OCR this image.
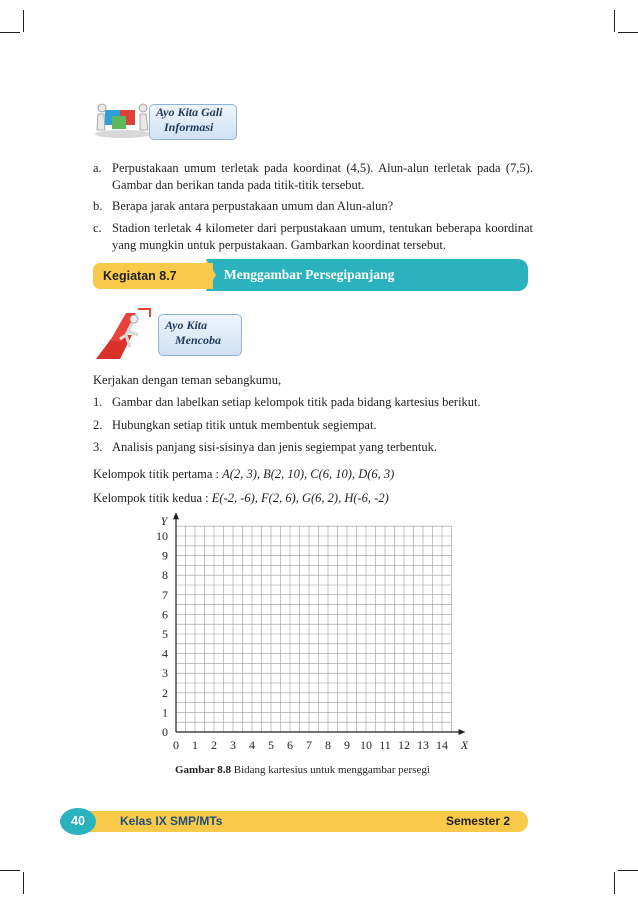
Ayo Kita Gali
Informasi
a. Perpustakaan umum terletak pada koordinat (4,5). Alun-alun terletak pada (7,5). Gambar dan berikan tanda pada titik-titik tersebut.
b. Berapa jarak antara perpustakaan umum dan Alun-alun?
c. Stadion terletak 4 kilometer dari perpustakaan umum, tentukan beberapa koordinat yang mungkin untuk perpustakaan. Gambarkan koordinat tersebut.
Menggambar Persegipanjang
Kegiatan 8.7
Ayo Kita
Mencoba
Kerjakan dengan teman sebangkumu,
1. Gambar dan labelkan setiap kelompok titik pada bidang kartesius berikut.
2. Hubungkan setiap titik untuk membentuk segiempat.
3. Analisis panjang sisi-sisinya dan jenis segiempat yang terbentuk.
Kelompok titik pertama : A(2, 3), B(2, 10), C(6, 10), D(6, 3)
Kelompok titik kedua : E(-2, -6), F(2, 6), G(6, 2), H(-6, -2)
0 1 2 3 4 5 6 7 8 9 10 11 12 13 14
0
1
2
3
4
5
6
7
8
9
10
X
Y
Gambar 8.8 Bidang kartesius untuk menggambar persegi
40	Kelas IX SMP/MTs	Semester 2
